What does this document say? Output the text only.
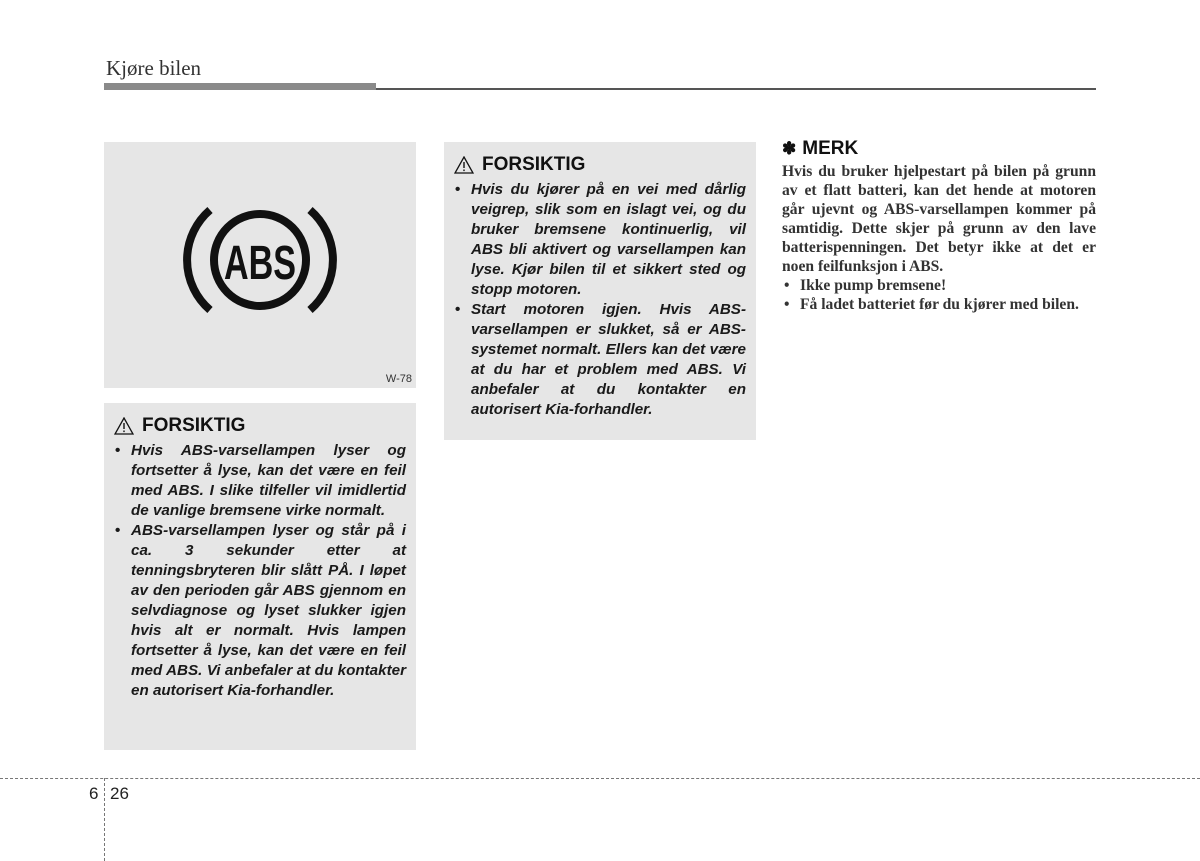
Kjøre bilen
ABS
W-78
FORSIKTIG
• Hvis ABS-varsellampen lyser og fortsetter å lyse, kan det være en feil med ABS. I slike tilfeller vil imidlertid de vanlige bremsene virke normalt.
• ABS-varsellampen lyser og står på i ca. 3 sekunder etter at tenningsbryteren blir slått PÅ. I løpet av den perioden går ABS gjennom en selvdiagnose og lyset slukker igjen hvis alt er normalt. Hvis lampen fortsetter å lyse, kan det være en feil med ABS. Vi anbefaler at du kontakter en autorisert Kia-forhandler.
FORSIKTIG
• Hvis du kjører på en vei med dårlig veigrep, slik som en islagt vei, og du bruker bremsene kontinuerlig, vil ABS bli aktivert og varsellampen kan lyse. Kjør bilen til et sikkert sted og stopp motoren.
• Start motoren igjen. Hvis ABS-varsellampen er slukket, så er ABS-systemet normalt. Ellers kan det være at du har et problem med ABS. Vi anbefaler at du kontakter en autorisert Kia-forhandler.
✽ MERK

Hvis du bruker hjelpestart på bilen på grunn av et flatt batteri, kan det hende at motoren går ujevnt og ABS-varsellampen kommer på samtidig. Dette skjer på grunn av den lave batterispenningen. Det betyr ikke at det er noen feilfunksjon i ABS.

• Ikke pump bremsene!
• Få ladet batteriet før du kjører med bilen.
6 26
